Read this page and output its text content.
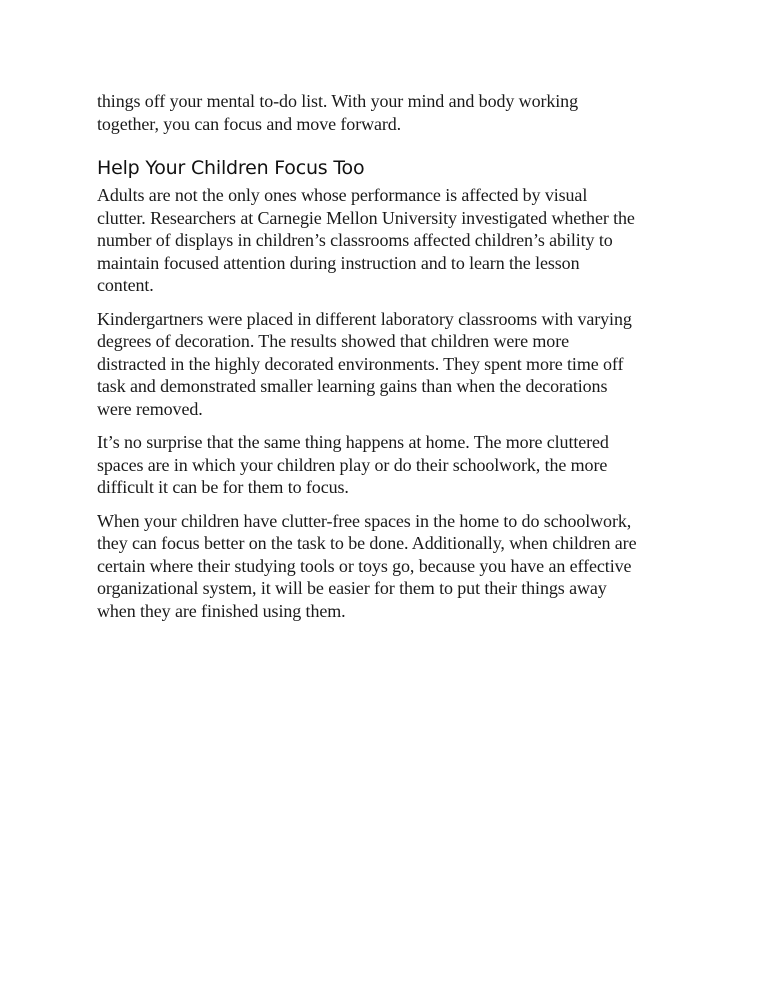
things off your mental to-do list. With your mind and body working
together, you can focus and move forward.

Help Your Children Focus Too

Adults are not the only ones whose performance is affected by visual
clutter. Researchers at Carnegie Mellon University investigated whether the
number of displays in children’s classrooms affected children’s ability to
maintain focused attention during instruction and to learn the lesson
content.

Kindergartners were placed in different laboratory classrooms with varying
degrees of decoration. The results showed that children were more
distracted in the highly decorated environments. They spent more time off
task and demonstrated smaller learning gains than when the decorations
were removed.

It’s no surprise that the same thing happens at home. The more cluttered
spaces are in which your children play or do their schoolwork, the more
difficult it can be for them to focus.

When your children have clutter-free spaces in the home to do schoolwork,
they can focus better on the task to be done. Additionally, when children are
certain where their studying tools or toys go, because you have an effective
organizational system, it will be easier for them to put their things away
when they are finished using them.
